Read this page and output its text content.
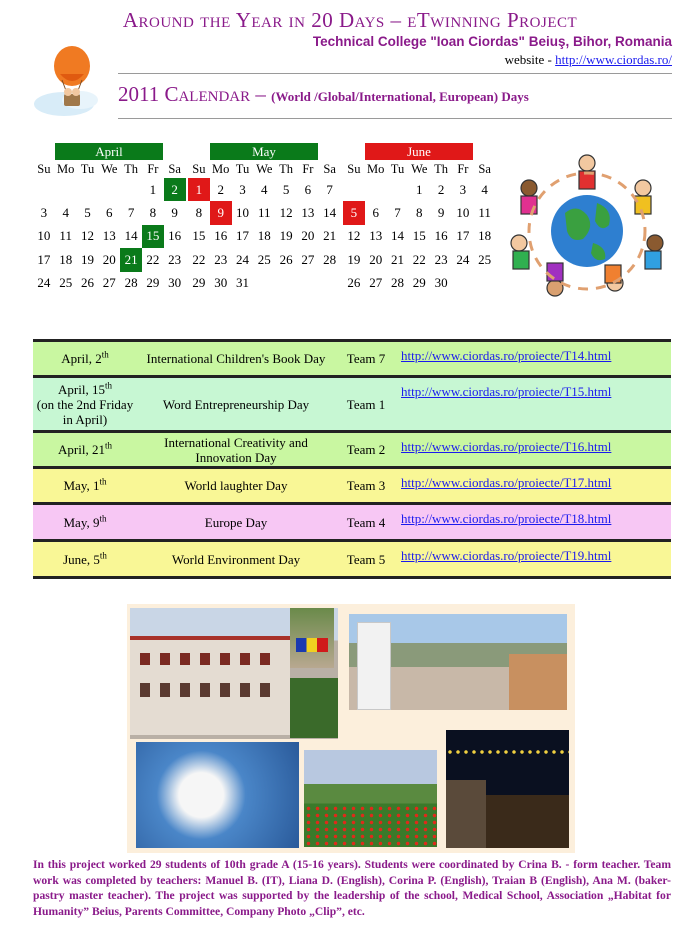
Around the Year in 20 Days – eTwinning Project
Technical College "Ioan Ciordas" Beiuş, Bihor, Romania
website - http://www.ciordas.ro/
2011 Calendar – (World /Global/International, European) Days
April
Su	Mo	Tu	We	Th	Fr	Sa
					1	2
3	4	5	6	7	8	9
10	11	12	13	14	15	16
17	18	19	20	21	22	23
24	25	26	27	28	29	30
May
Su	Mo	Tu	We	Th	Fr	Sa
1	2	3	4	5	6	7
8	9	10	11	12	13	14
15	16	17	18	19	20	21
22	23	24	25	26	27	28
29	30	31				
June
Su	Mo	Tu	We	Th	Fr	Sa
			1	2	3	4
5	6	7	8	9	10	11
12	13	14	15	16	17	18
19	20	21	22	23	24	25
26	27	28	29	30		
April, 2th	International Children's Book Day	Team 7	http://www.ciordas.ro/proiecte/T14.html
April, 15th
(on the 2nd Friday in April)	Word Entrepreneurship Day	Team 1	http://www.ciordas.ro/proiecte/T15.html
April, 21th	International Creativity and Innovation Day	Team 2	http://www.ciordas.ro/proiecte/T16.html
May, 1th	World laughter Day	Team 3	http://www.ciordas.ro/proiecte/T17.html
May, 9th	Europe Day	Team 4	http://www.ciordas.ro/proiecte/T18.html
June, 5th	World Environment Day	Team 5	http://www.ciordas.ro/proiecte/T19.html
In this project worked 29 students of 10th grade A (15-16 years). Students were coordinated by Crina B. - form teacher. Team work was completed by teachers: Manuel B. (IT), Liana D. (English), Corina P. (English), Traian B (English), Ana M. (baker- pastry master teacher). The project was supported by the leadership of the school, Medical School, Association „Habitat for Humanity” Beius, Parents Committee, Company Photo „Clip”, etc.
